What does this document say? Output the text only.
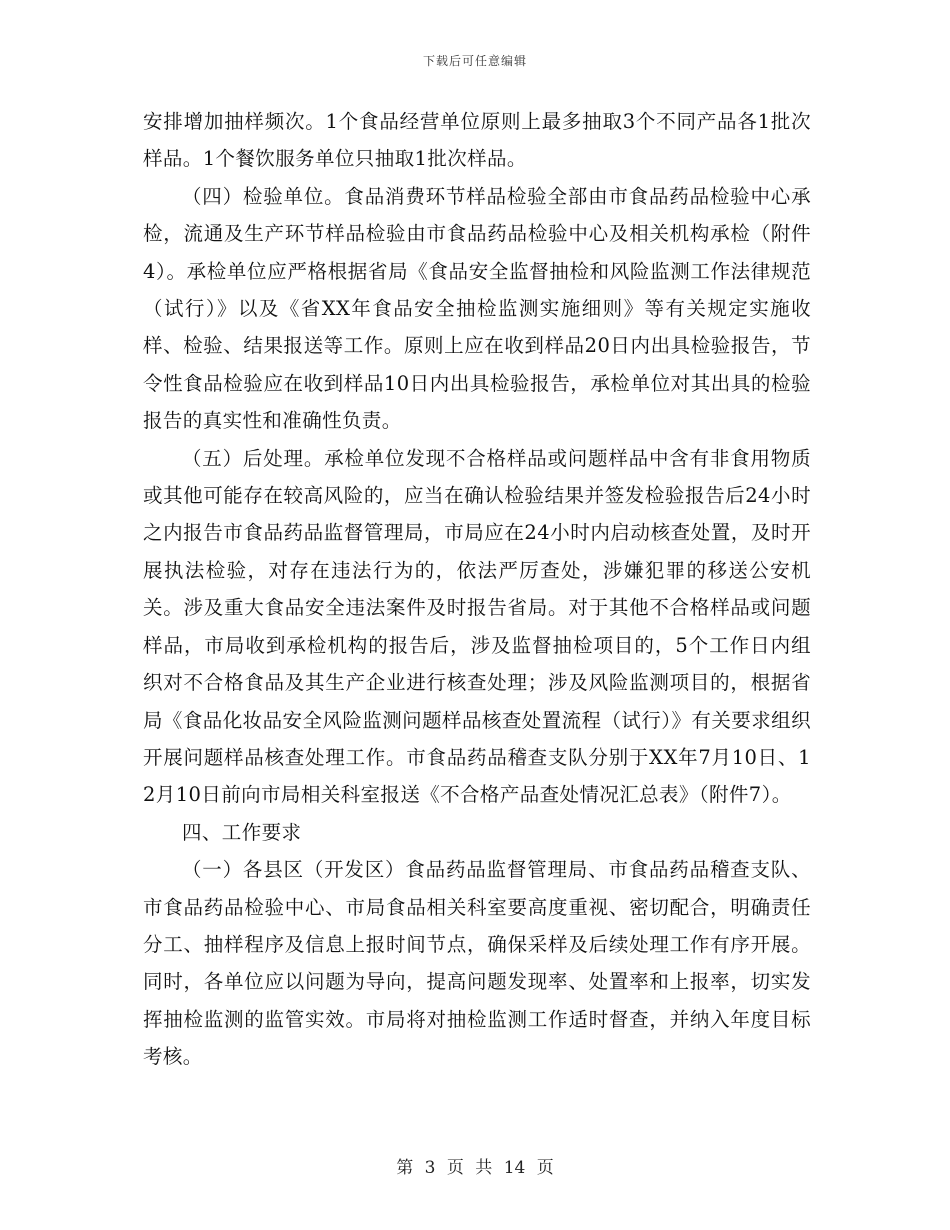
下载后可任意编辑

安排增加抽样频次。1个食品经营单位原则上最多抽取3个不同产品各1批次样品。1个餐饮服务单位只抽取1批次样品。

（四）检验单位。食品消费环节样品检验全部由市食品药品检验中心承检，流通及生产环节样品检验由市食品药品检验中心及相关机构承检（附件4）。承检单位应严格根据省局《食品安全监督抽检和风险监测工作法律规范（试行）》以及《省XX年食品安全抽检监测实施细则》等有关规定实施收样、检验、结果报送等工作。原则上应在收到样品20日内出具检验报告，节令性食品检验应在收到样品10日内出具检验报告，承检单位对其出具的检验报告的真实性和准确性负责。

（五）后处理。承检单位发现不合格样品或问题样品中含有非食用物质或其他可能存在较高风险的，应当在确认检验结果并签发检验报告后24小时之内报告市食品药品监督管理局，市局应在24小时内启动核查处置，及时开展执法检验，对存在违法行为的，依法严厉查处，涉嫌犯罪的移送公安机关。涉及重大食品安全违法案件及时报告省局。对于其他不合格样品或问题样品，市局收到承检机构的报告后，涉及监督抽检项目的，5个工作日内组织对不合格食品及其生产企业进行核查处理；涉及风险监测项目的，根据省局《食品化妆品安全风险监测问题样品核查处置流程（试行）》有关要求组织开展问题样品核查处理工作。市食品药品稽查支队分别于XX年7月10日、12月10日前向市局相关科室报送《不合格产品查处情况汇总表》（附件7）。

四、工作要求

（一）各县区（开发区）食品药品监督管理局、市食品药品稽查支队、市食品药品检验中心、市局食品相关科室要高度重视、密切配合，明确责任分工、抽样程序及信息上报时间节点，确保采样及后续处理工作有序开展。同时，各单位应以问题为导向，提高问题发现率、处置率和上报率，切实发挥抽检监测的监管实效。市局将对抽检监测工作适时督查，并纳入年度目标考核。

第 3 页 共 14 页
